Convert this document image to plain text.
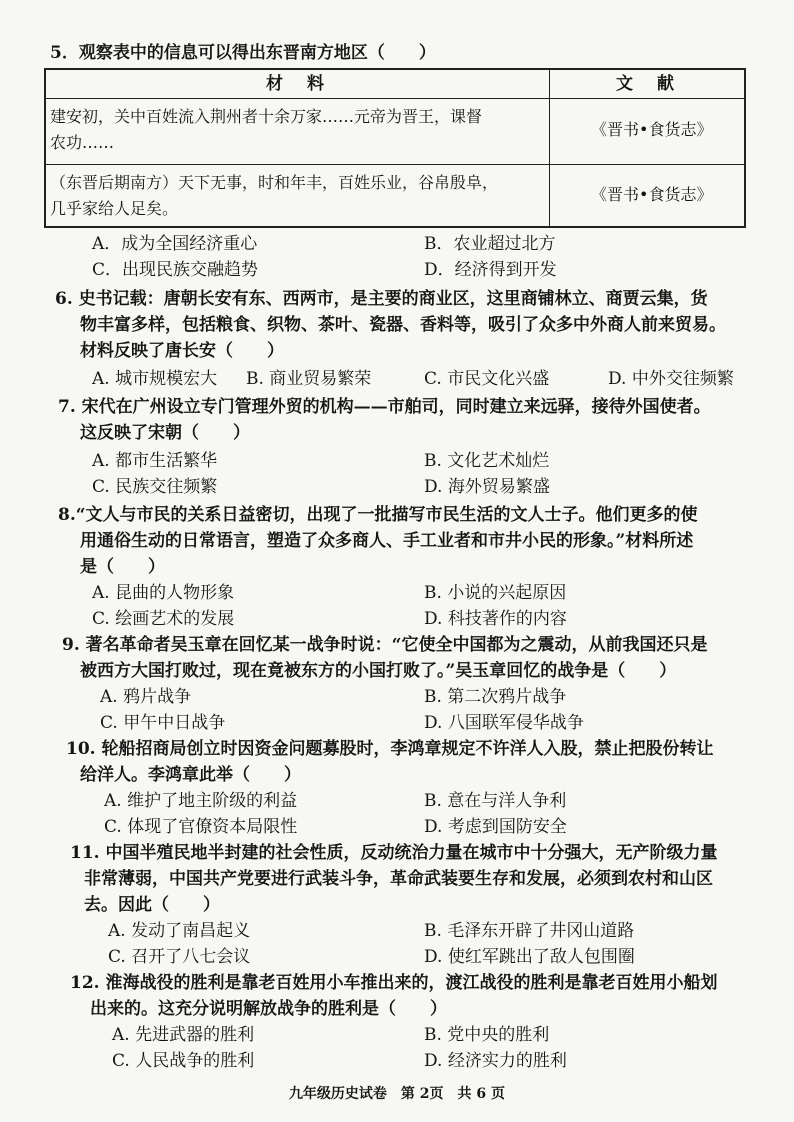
5．观察表中的信息可以得出东晋南方地区（　　）
材料	文献
建安初，关中百姓流入荆州者十余万家……元帝为晋王，课督
农功……
《晋书•食货志》
（东晋后期南方）天下无事，时和年丰，百姓乐业，谷帛殷阜，
几乎家给人足矣。
《晋书•食货志》
A．成为全国经济重心	B．农业超过北方
C．出现民族交融趋势	D．经济得到开发
6. 史书记载：唐朝长安有东、西两市，是主要的商业区，这里商铺林立、商贾云集，货
物丰富多样，包括粮食、织物、茶叶、瓷器、香料等，吸引了众多中外商人前来贸易。
材料反映了唐长安（　　）
A. 城市规模宏大 B. 商业贸易繁荣	C. 市民文化兴盛	D. 中外交往频繁
7. 宋代在广州设立专门管理外贸的机构——市舶司，同时建立来远驿，接待外国使者。
这反映了宋朝（　　）
A. 都市生活繁华	B. 文化艺术灿烂
C. 民族交往频繁	D. 海外贸易繁盛
8.“文人与市民的关系日益密切，出现了一批描写市民生活的文人士子。他们更多的使
用通俗生动的日常语言，塑造了众多商人、手工业者和市井小民的形象。”材料所述
是（　　）
A. 昆曲的人物形象	B. 小说的兴起原因
C. 绘画艺术的发展	D. 科技著作的内容
9. 著名革命者吴玉章在回忆某一战争时说：“它使全中国都为之震动，从前我国还只是
被西方大国打败过，现在竟被东方的小国打败了。”吴玉章回忆的战争是（　　）
A. 鸦片战争	B. 第二次鸦片战争
C. 甲午中日战争	D. 八国联军侵华战争
10. 轮船招商局创立时因资金问题募股时，李鸿章规定不许洋人入股，禁止把股份转让
给洋人。李鸿章此举（　　）
A. 维护了地主阶级的利益	B. 意在与洋人争利
C. 体现了官僚资本局限性	D. 考虑到国防安全
11. 中国半殖民地半封建的社会性质，反动统治力量在城市中十分强大，无产阶级力量
非常薄弱，中国共产党要进行武装斗争，革命武装要生存和发展，必须到农村和山区
去。因此（　　）
A. 发动了南昌起义	B. 毛泽东开辟了井冈山道路
C. 召开了八七会议	D. 使红军跳出了敌人包围圈
12. 淮海战役的胜利是靠老百姓用小车推出来的，渡江战役的胜利是靠老百姓用小船划
出来的。这充分说明解放战争的胜利是（　　）
A. 先进武器的胜利	B. 党中央的胜利
C. 人民战争的胜利	D. 经济实力的胜利
九年级历史试卷　第 2页　共 6 页
